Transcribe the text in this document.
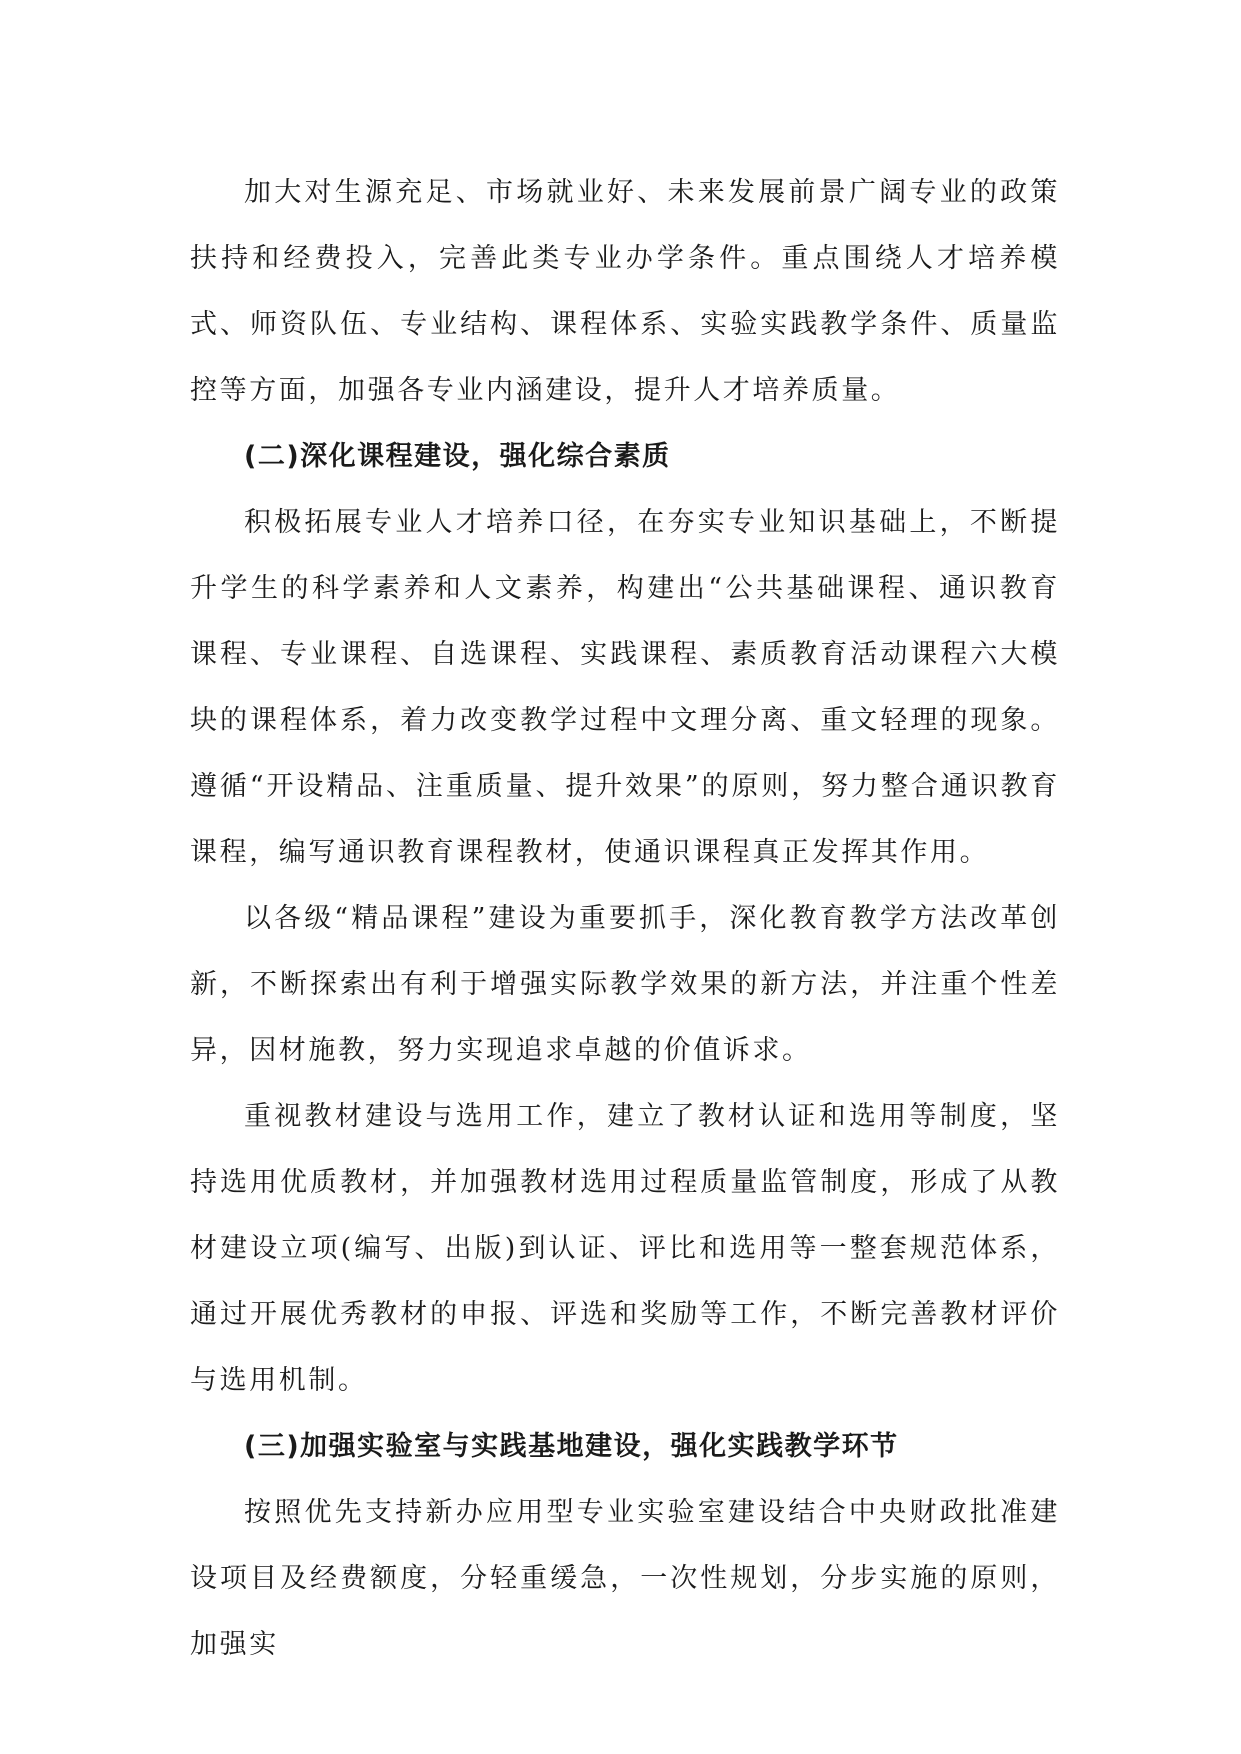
加大对生源充足、市场就业好、未来发展前景广阔专业的政策扶持和经费投入，完善此类专业办学条件。重点围绕人才培养模式、师资队伍、专业结构、课程体系、实验实践教学条件、质量监控等方面，加强各专业内涵建设，提升人才培养质量。

(二)深化课程建设，强化综合素质

积极拓展专业人才培养口径，在夯实专业知识基础上，不断提升学生的科学素养和人文素养，构建出“公共基础课程、通识教育课程、专业课程、自选课程、实践课程、素质教育活动课程六大模块的课程体系，着力改变教学过程中文理分离、重文轻理的现象。遵循“开设精品、注重质量、提升效果”的原则，努力整合通识教育课程，编写通识教育课程教材，使通识课程真正发挥其作用。

以各级“精品课程”建设为重要抓手，深化教育教学方法改革创新，不断探索出有利于增强实际教学效果的新方法，并注重个性差异，因材施教，努力实现追求卓越的价值诉求。

重视教材建设与选用工作，建立了教材认证和选用等制度，坚持选用优质教材，并加强教材选用过程质量监管制度，形成了从教材建设立项(编写、出版)到认证、评比和选用等一整套规范体系，通过开展优秀教材的申报、评选和奖励等工作，不断完善教材评价与选用机制。

(三)加强实验室与实践基地建设，强化实践教学环节

按照优先支持新办应用型专业实验室建设结合中央财政批准建设项目及经费额度，分轻重缓急，一次性规划，分步实施的原则，加强实
